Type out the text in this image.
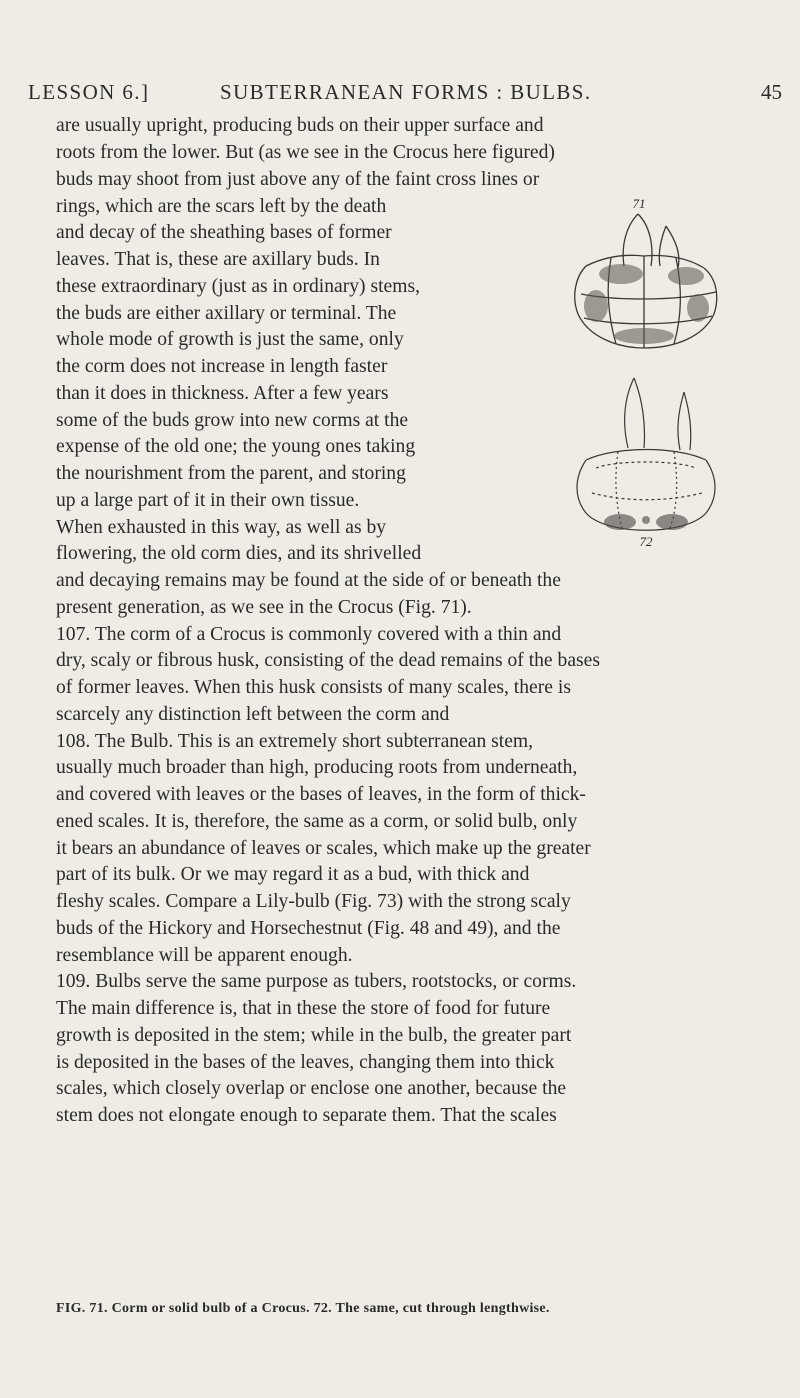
LESSON 6.]	SUBTERRANEAN FORMS : BULBS.	45
are usually upright, producing buds on their upper surface and
roots from the lower. But (as we see in the Crocus here figured)
buds may shoot from just above any of the faint cross lines or
rings, which are the scars left by the death
and decay of the sheathing bases of former
leaves. That is, these are axillary buds. In
these extraordinary (just as in ordinary) stems,
the buds are either axillary or terminal. The
whole mode of growth is just the same, only
the corm does not increase in length faster
than it does in thickness. After a few years
some of the buds grow into new corms at the
expense of the old one; the young ones taking
the nourishment from the parent, and storing
up a large part of it in their own tissue.
When exhausted in this way, as well as by
flowering, the old corm dies, and its shrivelled
and decaying remains may be found at the side of or beneath the
present generation, as we see in the Crocus (Fig. 71).
107. The corm of a Crocus is commonly covered with a thin and
dry, scaly or fibrous husk, consisting of the dead remains of the bases
of former leaves. When this husk consists of many scales, there is
scarcely any distinction left between the corm and
108. The Bulb. This is an extremely short subterranean stem,
usually much broader than high, producing roots from underneath,
and covered with leaves or the bases of leaves, in the form of thick-
ened scales. It is, therefore, the same as a corm, or solid bulb, only
it bears an abundance of leaves or scales, which make up the greater
part of its bulk. Or we may regard it as a bud, with thick and
fleshy scales. Compare a Lily-bulb (Fig. 73) with the strong scaly
buds of the Hickory and Horsechestnut (Fig. 48 and 49), and the
resemblance will be apparent enough.
109. Bulbs serve the same purpose as tubers, rootstocks, or corms.
The main difference is, that in these the store of food for future
growth is deposited in the stem; while in the bulb, the greater part
is deposited in the bases of the leaves, changing them into thick
scales, which closely overlap or enclose one another, because the
stem does not elongate enough to separate them. That the scales
71
72
FIG. 71. Corm or solid bulb of a Crocus. 72. The same, cut through lengthwise.
